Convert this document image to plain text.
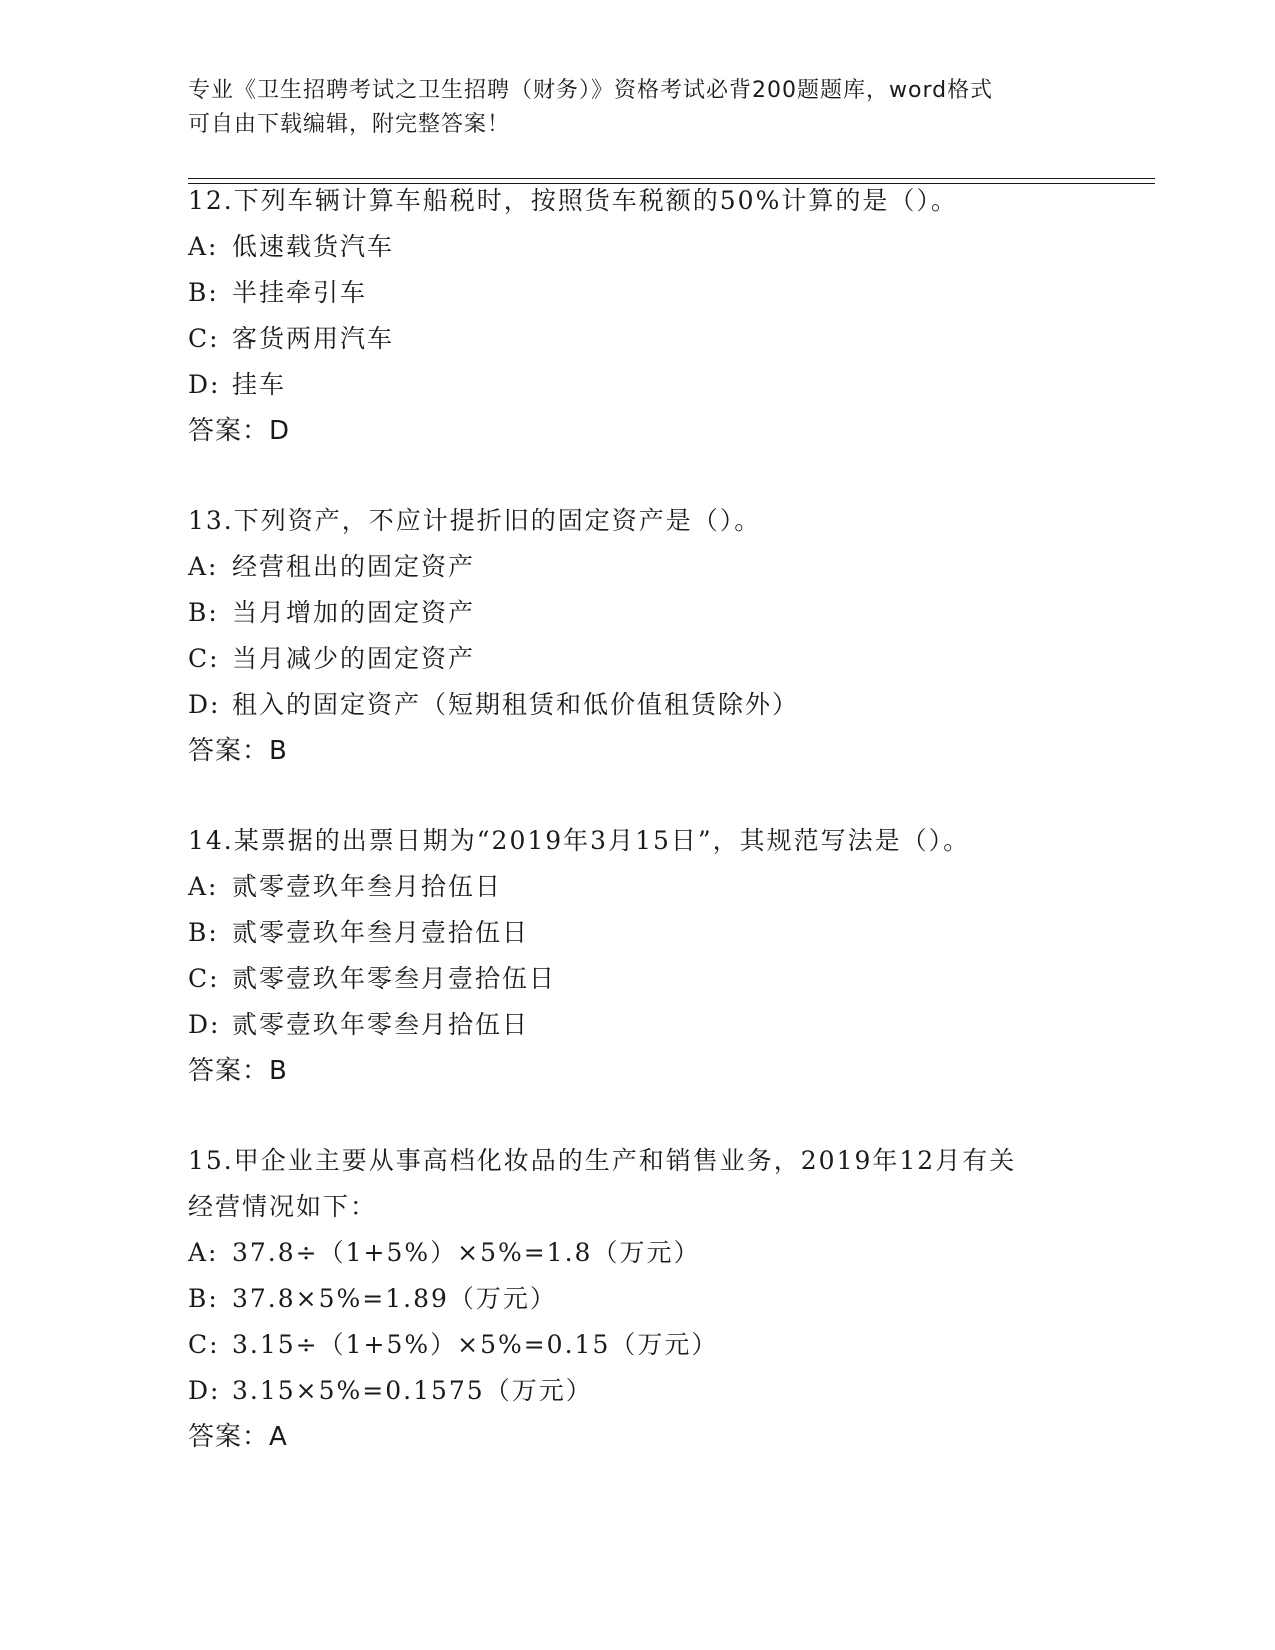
专业《卫生招聘考试之卫生招聘（财务）》资格考试必背200题题库，word格式
可自由下载编辑，附完整答案！
12.下列车辆计算车船税时，按照货车税额的50%计算的是（）。
A: 低速载货汽车
B: 半挂牵引车
C: 客货两用汽车
D: 挂车
答案：D
13.下列资产，不应计提折旧的固定资产是（）。
A: 经营租出的固定资产
B: 当月增加的固定资产
C: 当月减少的固定资产
D: 租入的固定资产（短期租赁和低价值租赁除外）
答案：B
14.某票据的出票日期为“2019年3月15日”，其规范写法是（）。
A: 贰零壹玖年叁月拾伍日
B: 贰零壹玖年叁月壹拾伍日
C: 贰零壹玖年零叁月壹拾伍日
D: 贰零壹玖年零叁月拾伍日
答案：B
15.甲企业主要从事高档化妆品的生产和销售业务，2019年12月有关
经营情况如下：
A: 37.8÷（1+5%）×5%=1.8（万元）
B: 37.8×5%=1.89（万元）
C: 3.15÷（1+5%）×5%=0.15（万元）
D: 3.15×5%=0.1575（万元）
答案：A
